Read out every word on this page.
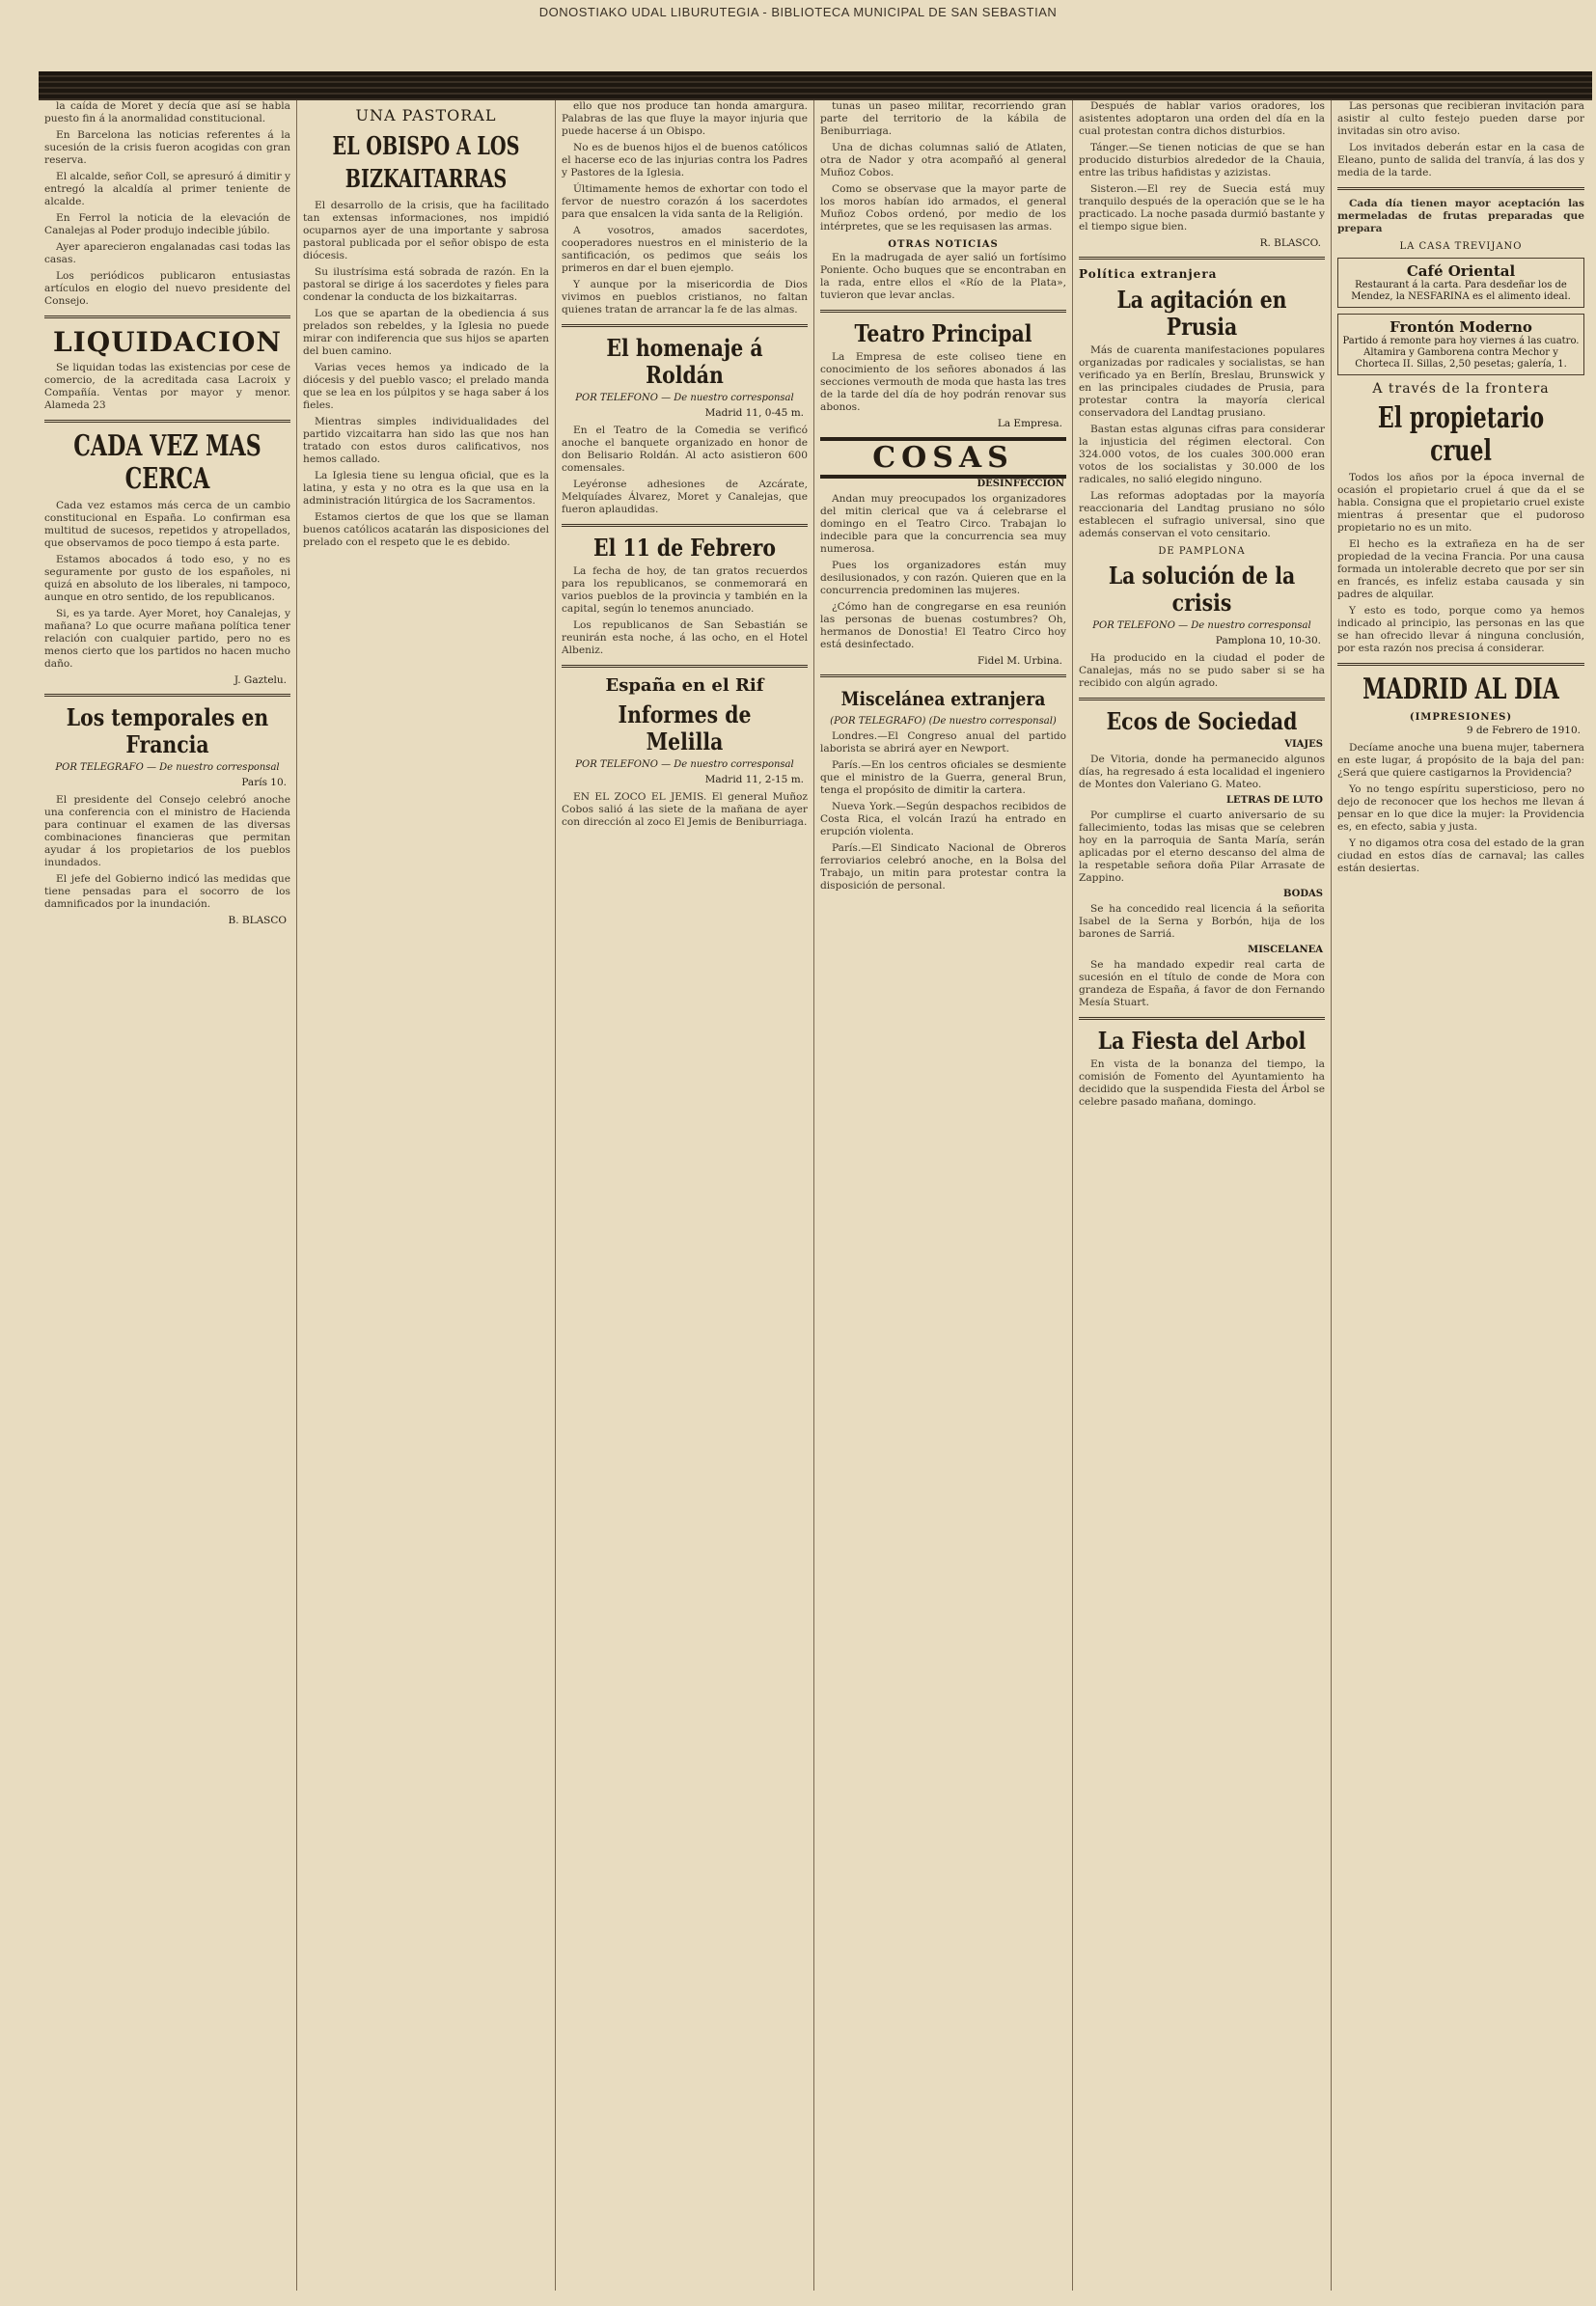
DONOSTIAKO UDAL LIBURUTEGIA - BIBLIOTECA MUNICIPAL DE SAN SEBASTIAN

la caída de Moret y decía que así se habla puesto fin á la anormalidad constitucional.

En Barcelona las noticias referentes á la sucesión de la crisis fueron acogidas con gran reserva.

El alcalde, señor Coll, se apresuró á dimitir y entregó la alcaldía al primer teniente de alcalde.

En Ferrol la noticia de la elevación de Canalejas al Poder produjo indecible júbilo.

Ayer aparecieron engalanadas casi todas las casas.

Los periódicos publicaron entusiastas artículos en elogio del nuevo presidente del Consejo.

LIQUIDACION

Se liquidan todas las existencias por cese de comercio, de la acreditada casa Lacroix y Compañía. Ventas por mayor y menor. Alameda 23

CADA VEZ MAS CERCA

Cada vez estamos más cerca de un cambio constitucional en España. Lo confirman esa multitud de sucesos, repetidos y atropellados, que observamos de poco tiempo á esta parte.

Estamos abocados á todo eso, y no es seguramente por gusto de los españoles, ni quizá en absoluto de los liberales, ni tampoco, aunque en otro sentido, de los republicanos.

Si, es ya tarde. Ayer Moret, hoy Canalejas, y mañana? Lo que ocurre mañana política tener relación con cualquier partido, pero no es menos cierto que los partidos no hacen mucho daño.

J. Gaztelu.
Los temporales en Francia
POR TELEGRAFO — De nuestro corresponsal
París 10.

El presidente del Consejo celebró anoche una conferencia con el ministro de Hacienda para continuar el examen de las diversas combinaciones financieras que permitan ayudar á los propietarios de los pueblos inundados.

El jefe del Gobierno indicó las medidas que tiene pensadas para el socorro de los damnificados por la inundación.

B. BLASCO
UNA PASTORAL
EL OBISPO A LOS BIZKAITARRAS

El desarrollo de la crisis, que ha facilitado tan extensas informaciones, nos impidió ocuparnos ayer de una importante y sabrosa pastoral publicada por el señor obispo de esta diócesis.

Su ilustrísima está sobrada de razón. En la pastoral se dirige á los sacerdotes y fieles para condenar la conducta de los bizkaitarras.

Los que se apartan de la obediencia á sus prelados son rebeldes, y la Iglesia no puede mirar con indiferencia que sus hijos se aparten del buen camino.

Varias veces hemos ya indicado de la diócesis y del pueblo vasco; el prelado manda que se lea en los púlpitos y se haga saber á los fieles.

Mientras simples individualidades del partido vizcaitarra han sido las que nos han tratado con estos duros calificativos, nos hemos callado.

La Iglesia tiene su lengua oficial, que es la latina, y esta y no otra es la que usa en la administración litúrgica de los Sacramentos.

Estamos ciertos de que los que se llaman buenos católicos acatarán las disposiciones del prelado con el respeto que le es debido.

ello que nos produce tan honda amargura. Palabras de las que fluye la mayor injuria que puede hacerse á un Obispo.

No es de buenos hijos el de buenos católicos el hacerse eco de las injurias contra los Padres y Pastores de la Iglesia.

Últimamente hemos de exhortar con todo el fervor de nuestro corazón á los sacerdotes para que ensalcen la vida santa de la Religión.

A vosotros, amados sacerdotes, cooperadores nuestros en el ministerio de la santificación, os pedimos que seáis los primeros en dar el buen ejemplo.

Y aunque por la misericordia de Dios vivimos en pueblos cristianos, no faltan quienes tratan de arrancar la fe de las almas.

El homenaje á Roldán
POR TELEFONO — De nuestro corresponsal
Madrid 11, 0-45 m.

En el Teatro de la Comedia se verificó anoche el banquete organizado en honor de don Belisario Roldán. Al acto asistieron 600 comensales.

Leyéronse adhesiones de Azcárate, Melquíades Álvarez, Moret y Canalejas, que fueron aplaudidas.

El 11 de Febrero

La fecha de hoy, de tan gratos recuerdos para los republicanos, se conmemorará en varios pueblos de la provincia y también en la capital, según lo tenemos anunciado.

Los republicanos de San Sebastián se reunirán esta noche, á las ocho, en el Hotel Albeniz.

España en el Rif
Informes de Melilla
POR TELEFONO — De nuestro corresponsal
Madrid 11, 2-15 m.

EN EL ZOCO EL JEMIS. El general Muñoz Cobos salió á las siete de la mañana de ayer con dirección al zoco El Jemis de Beniburriaga.

tunas un paseo militar, recorriendo gran parte del territorio de la kábila de Beniburriaga.

Una de dichas columnas salió de Atlaten, otra de Nador y otra acompañó al general Muñoz Cobos.

Como se observase que la mayor parte de los moros habían ido armados, el general Muñoz Cobos ordenó, por medio de los intérpretes, que se les requisasen las armas.

OTRAS NOTICIAS

En la madrugada de ayer salió un fortísimo Poniente. Ocho buques que se encontraban en la rada, entre ellos el «Río de la Plata», tuvieron que levar anclas.

Teatro Principal

La Empresa de este coliseo tiene en conocimiento de los señores abonados á las secciones vermouth de moda que hasta las tres de la tarde del día de hoy podrán renovar sus abonos.

La Empresa.
COSAS
DESINFECCION

Andan muy preocupados los organizadores del mitin clerical que va á celebrarse el domingo en el Teatro Circo. Trabajan lo indecible para que la concurrencia sea muy numerosa.

Pues los organizadores están muy desilusionados, y con razón. Quieren que en la concurrencia predominen las mujeres.

¿Cómo han de congregarse en esa reunión las personas de buenas costumbres? Oh, hermanos de Donostia! El Teatro Circo hoy está desinfectado.

Fidel M. Urbina.
Miscelánea extranjera
(POR TELEGRAFO) (De nuestro corresponsal)

Londres.—El Congreso anual del partido laborista se abrirá ayer en Newport.

París.—En los centros oficiales se desmiente que el ministro de la Guerra, general Brun, tenga el propósito de dimitir la cartera.

Nueva York.—Según despachos recibidos de Costa Rica, el volcán Irazú ha entrado en erupción violenta.

París.—El Sindicato Nacional de Obreros ferroviarios celebró anoche, en la Bolsa del Trabajo, un mitin para protestar contra la disposición de personal.

Después de hablar varios oradores, los asistentes adoptaron una orden del día en la cual protestan contra dichos disturbios.

Tánger.—Se tienen noticias de que se han producido disturbios alrededor de la Chauia, entre las tribus hafidistas y azizistas.

Sisteron.—El rey de Suecia está muy tranquilo después de la operación que se le ha practicado. La noche pasada durmió bastante y el tiempo sigue bien.

R. BLASCO.
Política extranjera
La agitación en Prusia

Más de cuarenta manifestaciones populares organizadas por radicales y socialistas, se han verificado ya en Berlín, Breslau, Brunswick y en las principales ciudades de Prusia, para protestar contra la mayoría clerical conservadora del Landtag prusiano.

Bastan estas algunas cifras para considerar la injusticia del régimen electoral. Con 324.000 votos, de los cuales 300.000 eran votos de los socialistas y 30.000 de los radicales, no salió elegido ninguno.

Las reformas adoptadas por la mayoría reaccionaria del Landtag prusiano no sólo establecen el sufragio universal, sino que además conservan el voto censitario.

DE PAMPLONA
La solución de la crisis
POR TELEFONO — De nuestro corresponsal
Pamplona 10, 10-30.

Ha producido en la ciudad el poder de Canalejas, más no se pudo saber si se ha recibido con algún agrado.

Ecos de Sociedad
VIAJES

De Vitoria, donde ha permanecido algunos días, ha regresado á esta localidad el ingeniero de Montes don Valeriano G. Mateo.

LETRAS DE LUTO

Por cumplirse el cuarto aniversario de su fallecimiento, todas las misas que se celebren hoy en la parroquia de Santa María, serán aplicadas por el eterno descanso del alma de la respetable señora doña Pilar Arrasate de Zappino.

BODAS

Se ha concedido real licencia á la señorita Isabel de la Serna y Borbón, hija de los barones de Sarriá.

MISCELANEA

Se ha mandado expedir real carta de sucesión en el título de conde de Mora con grandeza de España, á favor de don Fernando Mesía Stuart.

La Fiesta del Arbol

En vista de la bonanza del tiempo, la comisión de Fomento del Ayuntamiento ha decidido que la suspendida Fiesta del Árbol se celebre pasado mañana, domingo.

Las personas que recibieran invitación para asistir al culto festejo pueden darse por invitadas sin otro aviso.

Los invitados deberán estar en la casa de Eleano, punto de salida del tranvía, á las dos y media de la tarde.

Cada día tienen mayor aceptación las mermeladas de frutas preparadas que prepara

LA CASA TREVIJANO
Café Oriental
Restaurant á la carta. Para desdeñar los de Mendez, la NESFARINA es el alimento ideal.
Frontón Moderno
Partido á remonte para hoy viernes á las cuatro. Altamira y Gamborena contra Mechor y Chorteca II. Sillas, 2,50 pesetas; galería, 1.
A través de la frontera
El propietario cruel

Todos los años por la época invernal de ocasión el propietario cruel á que da el se habla. Consigna que el propietario cruel existe mientras á presentar que el pudoroso propietario no es un mito.

El hecho es la extrañeza en ha de ser propiedad de la vecina Francia. Por una causa formada un intolerable decreto que por ser sin en francés, es infeliz estaba causada y sin padres de alquilar.

Y esto es todo, porque como ya hemos indicado al principio, las personas en las que se han ofrecido llevar á ninguna conclusión, por esta razón nos precisa á considerar.

MADRID AL DIA
(IMPRESIONES)
9 de Febrero de 1910.

Decíame anoche una buena mujer, tabernera en este lugar, á propósito de la baja del pan: ¿Será que quiere castigarnos la Providencia?

Yo no tengo espíritu supersticioso, pero no dejo de reconocer que los hechos me llevan á pensar en lo que dice la mujer: la Providencia es, en efecto, sabia y justa.

Y no digamos otra cosa del estado de la gran ciudad en estos días de carnaval; las calles están desiertas.
